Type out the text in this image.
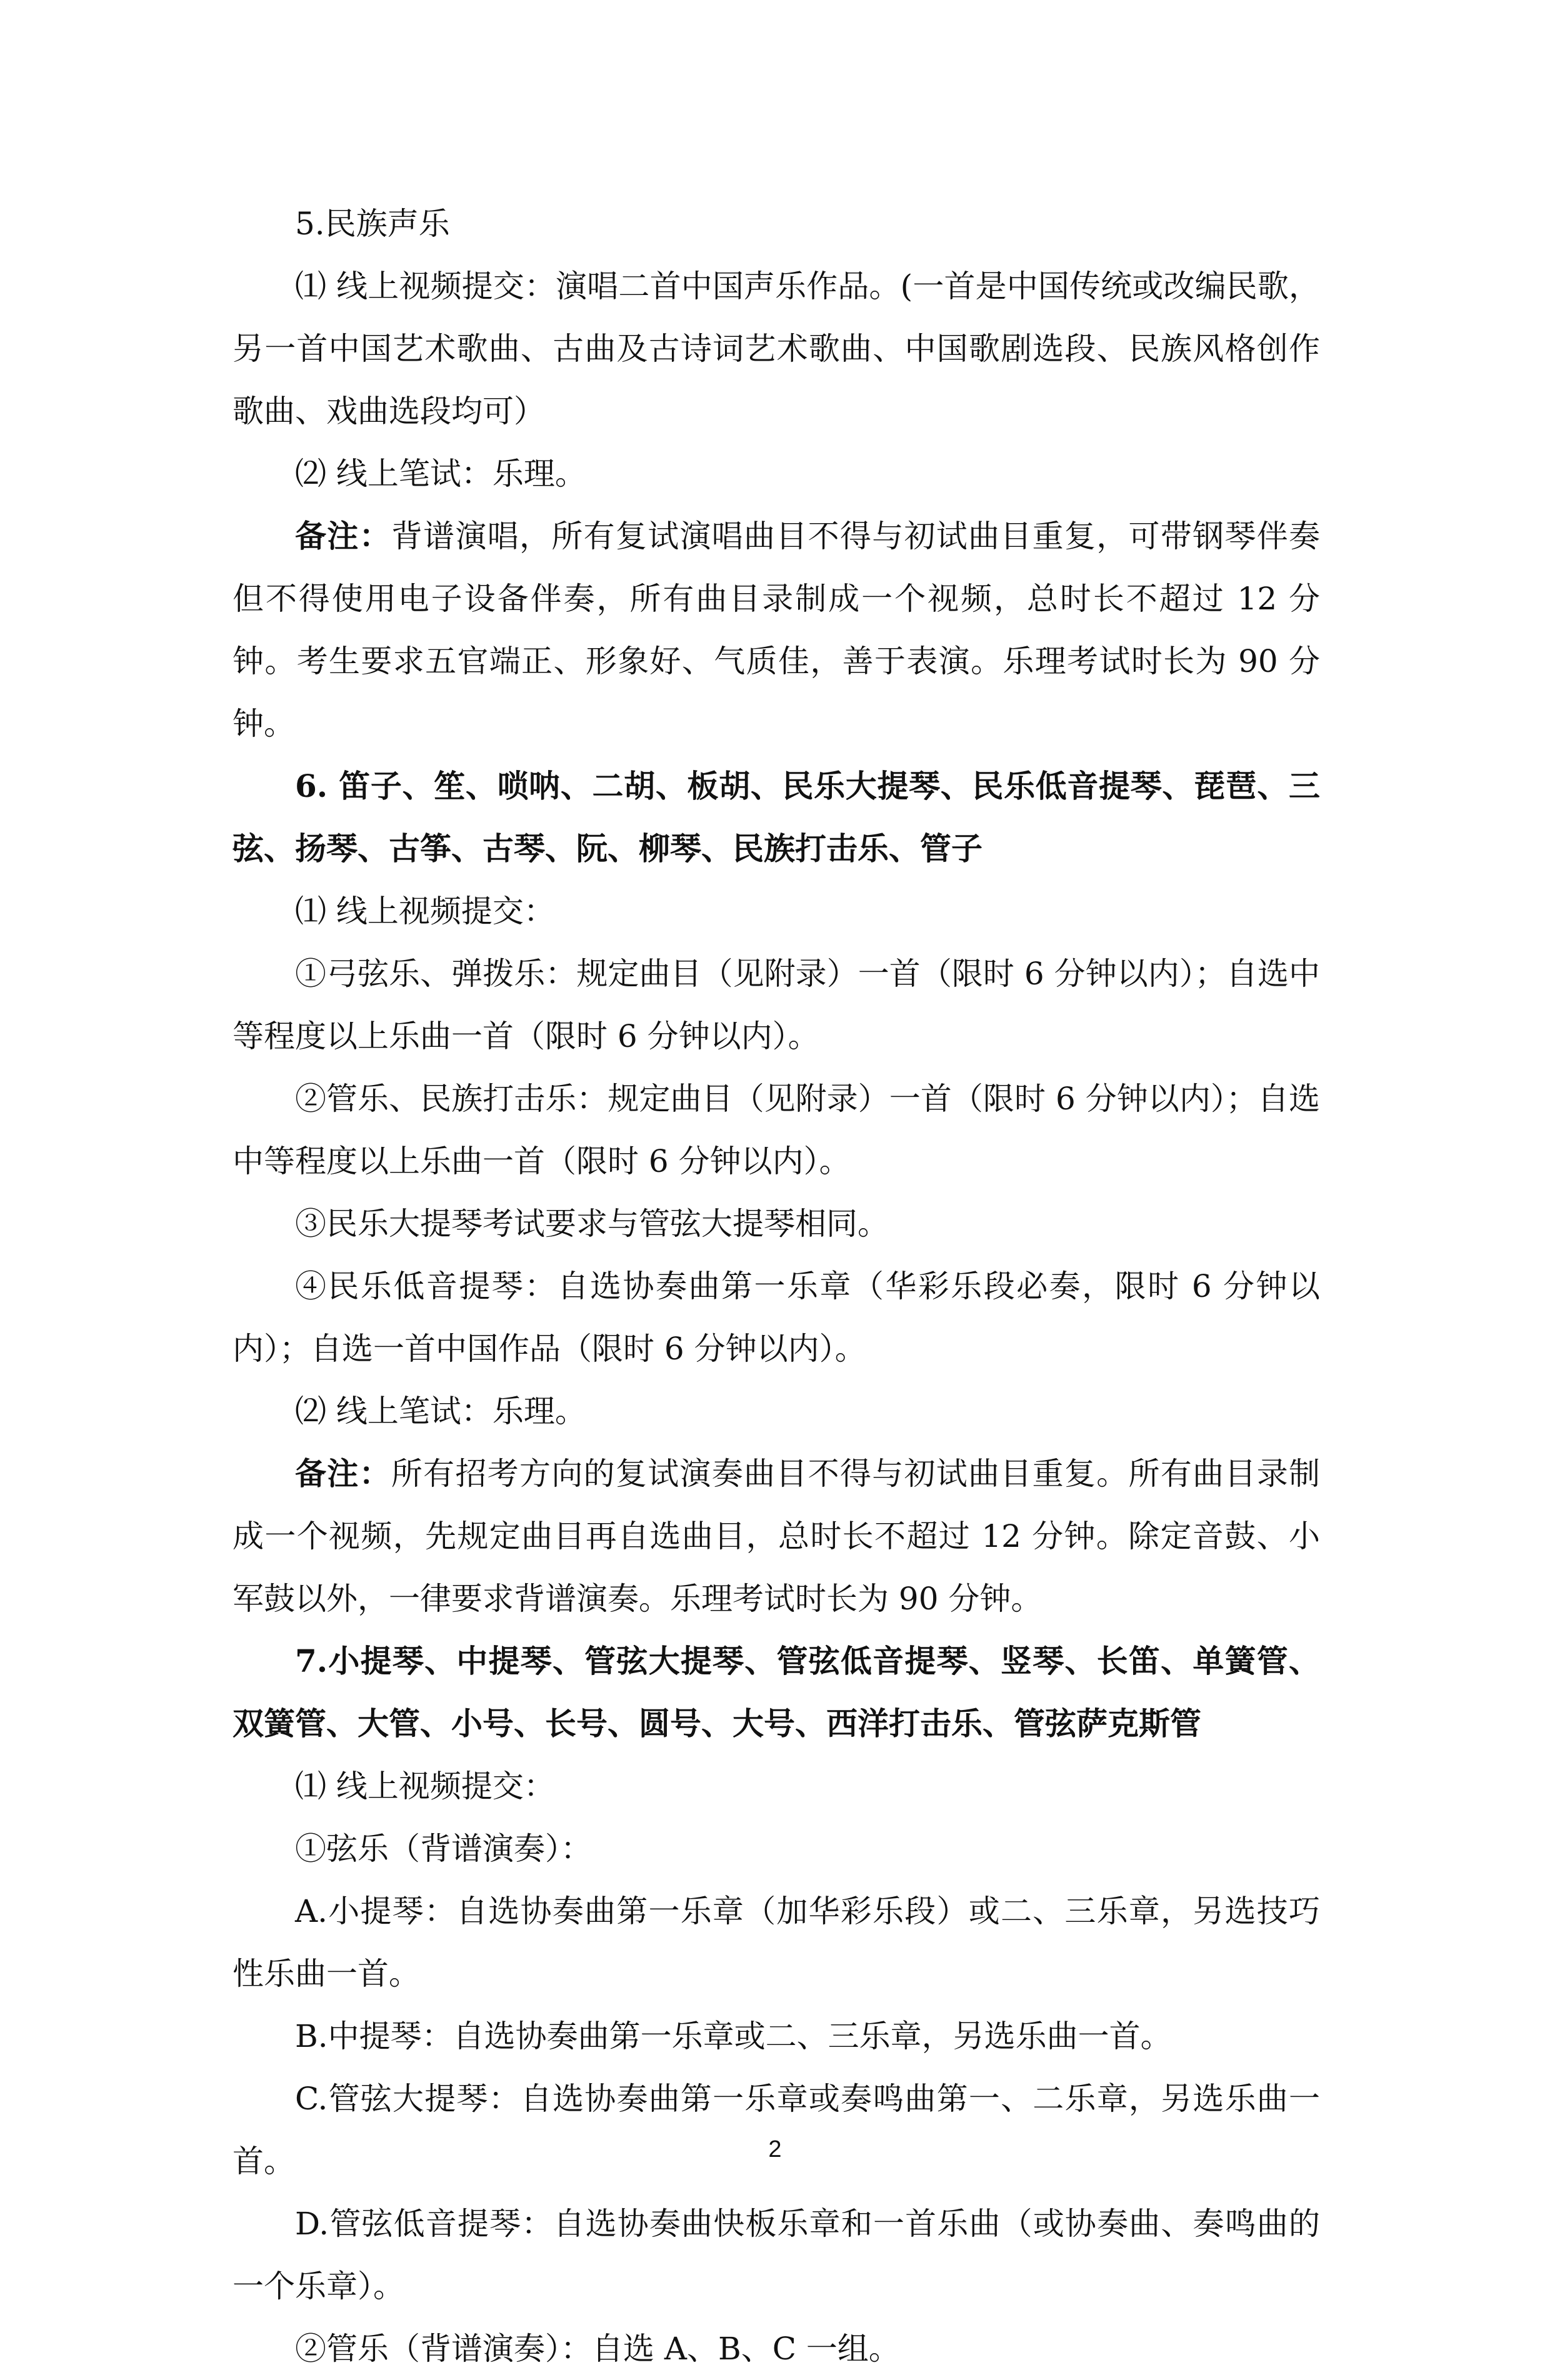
5.民族声乐

⑴ 线上视频提交：演唱二首中国声乐作品。(一首是中国传统或改编民歌，另一首中国艺术歌曲、古曲及古诗词艺术歌曲、中国歌剧选段、民族风格创作歌曲、戏曲选段均可）

⑵ 线上笔试：乐理。

备注：背谱演唱，所有复试演唱曲目不得与初试曲目重复，可带钢琴伴奏但不得使用电子设备伴奏，所有曲目录制成一个视频，总时长不超过 12 分钟。考生要求五官端正、形象好、气质佳，善于表演。乐理考试时长为 90 分钟。

6. 笛子、笙、唢呐、二胡、板胡、民乐大提琴、民乐低音提琴、琵琶、三弦、扬琴、古筝、古琴、阮、柳琴、民族打击乐、管子

⑴ 线上视频提交：

①弓弦乐、弹拨乐：规定曲目（见附录）一首（限时 6 分钟以内）；自选中等程度以上乐曲一首（限时 6 分钟以内）。

②管乐、民族打击乐：规定曲目（见附录）一首（限时 6 分钟以内）；自选中等程度以上乐曲一首（限时 6 分钟以内）。

③民乐大提琴考试要求与管弦大提琴相同。

④民乐低音提琴：自选协奏曲第一乐章（华彩乐段必奏，限时 6 分钟以内）；自选一首中国作品（限时 6 分钟以内）。

⑵ 线上笔试：乐理。

备注：所有招考方向的复试演奏曲目不得与初试曲目重复。所有曲目录制成一个视频，先规定曲目再自选曲目，总时长不超过 12 分钟。除定音鼓、小军鼓以外，一律要求背谱演奏。乐理考试时长为 90 分钟。

7.小提琴、中提琴、管弦大提琴、管弦低音提琴、竖琴、长笛、单簧管、双簧管、大管、小号、长号、圆号、大号、西洋打击乐、管弦萨克斯管

⑴ 线上视频提交：

①弦乐（背谱演奏）：

A.小提琴：自选协奏曲第一乐章（加华彩乐段）或二、三乐章，另选技巧性乐曲一首。

B.中提琴：自选协奏曲第一乐章或二、三乐章，另选乐曲一首。

C.管弦大提琴：自选协奏曲第一乐章或奏鸣曲第一、二乐章，另选乐曲一首。

D.管弦低音提琴：自选协奏曲快板乐章和一首乐曲（或协奏曲、奏鸣曲的一个乐章）。

②管乐（背谱演奏）：自选 A、B、C 一组。

2
